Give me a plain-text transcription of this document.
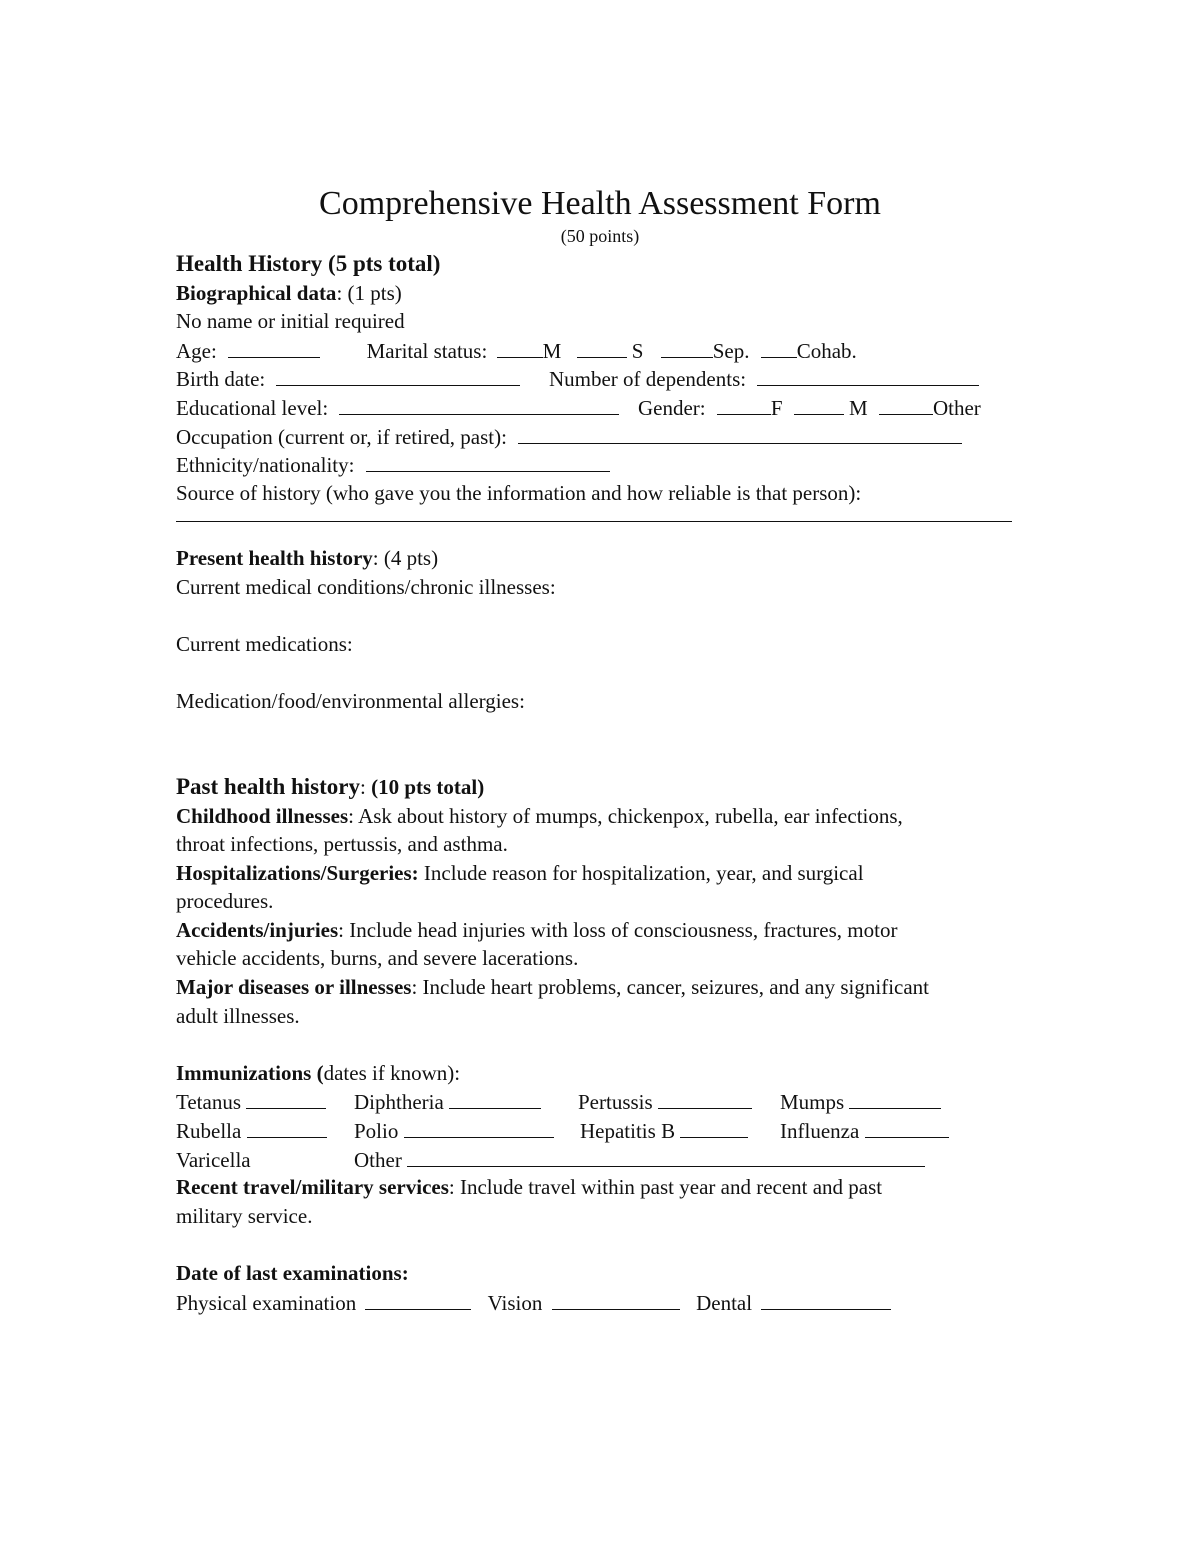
Comprehensive Health Assessment Form
(50 points)
Health History (5 pts total)
Biographical data: (1 pts)
No name or initial required
Age:	Marital status:	M	S	Sep. Cohab.
Birth date:	Number of dependents:
Educational level:	Gender:	F	M	Other
Occupation (current or, if retired, past):
Ethnicity/nationality:
Source of history (who gave you the information and how reliable is that person):
Present health history: (4 pts)
Current medical conditions/chronic illnesses:
Current medications:
Medication/food/environmental allergies:
Past health history: (10 pts total)
Childhood illnesses: Ask about history of mumps, chickenpox, rubella, ear infections,
throat infections, pertussis, and asthma.
Hospitalizations/Surgeries: Include reason for hospitalization, year, and surgical
procedures.
Accidents/injuries: Include head injuries with loss of consciousness, fractures, motor
vehicle accidents, burns, and severe lacerations.
Major diseases or illnesses: Include heart problems, cancer, seizures, and any significant
adult illnesses.
Immunizations (dates if known):
Tetanus	Diphtheria	Pertussis	Mumps
Rubella	Polio	Hepatitis B	Influenza
Varicella	Other
Recent travel/military services: Include travel within past year and recent and past
military service.
Date of last examinations:
Physical examination	Vision	Dental
